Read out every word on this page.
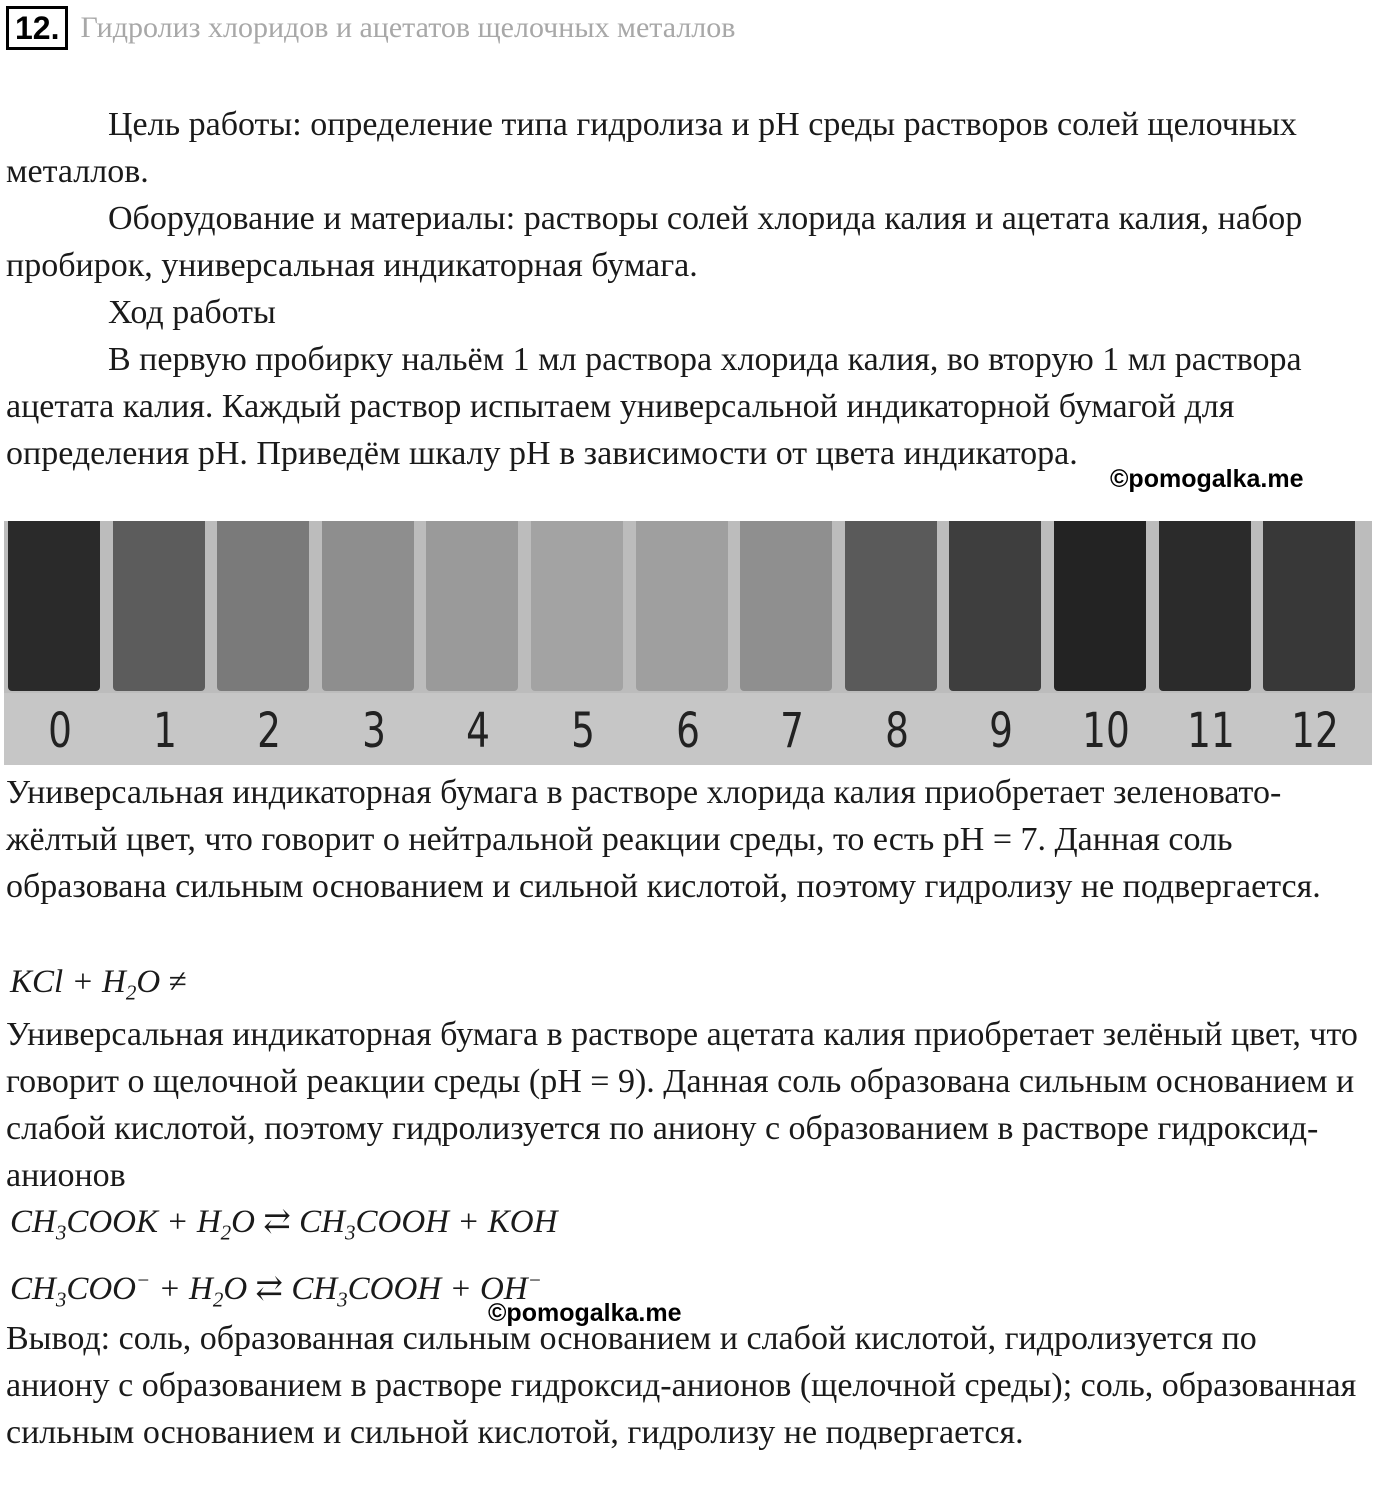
12. Гидролиз хлоридов и ацетатов щелочных металлов

Цель работы: определение типа гидролиза и pH среды растворов солей щелочных металлов.

Оборудование и материалы: растворы солей хлорида калия и ацетата калия, набор пробирок, универсальная индикаторная бумага.

Ход работы

В первую пробирку нальём 1 мл раствора хлорида калия, во вторую 1 мл раствора ацетата калия. Каждый раствор испытаем универсальной индикаторной бумагой для определения pH. Приведём шкалу pH в зависимости от цвета индикатора.

©pomogalka.me
0	1	2	3	4	5	6	7	8	9	10	11	12

Универсальная индикаторная бумага в растворе хлорида калия приобретает зеленовато-жёлтый цвет, что говорит о нейтральной реакции среды, то есть pH = 7. Данная соль образована сильным основанием и сильной кислотой, поэтому гидролизу не подвергается.

KCl + $H_2O$ ≠

Универсальная индикаторная бумага в растворе ацетата калия приобретает зелёный цвет, что говорит о щелочной реакции среды (pH = 9). Данная соль образована сильным основанием и слабой кислотой, поэтому гидролизуется по аниону с образованием в растворе гидроксид-анионов

$CH_3COOK + H_2O$ ⇄ $CH_3COOH$ + KOH
$CH_3COO^- + H_2O$ ⇄ $CH_3COOH + OH^-$
©pomogalka.me

Вывод: соль, образованная сильным основанием и слабой кислотой, гидролизуется по аниону с образованием в растворе гидроксид-анионов (щелочной среды); соль, образованная сильным основанием и сильной кислотой, гидролизу не подвергается.
